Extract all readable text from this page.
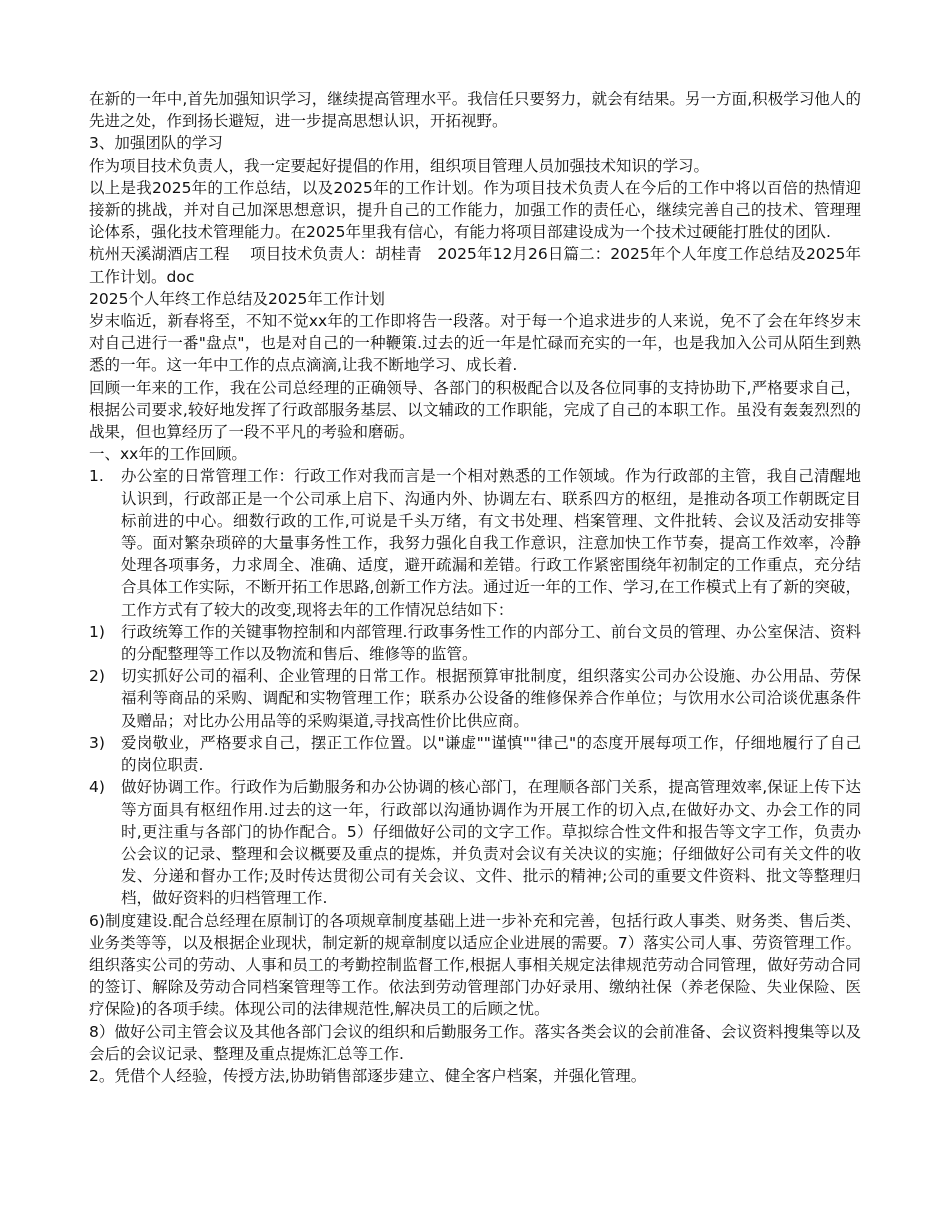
在新的一年中,首先加强知识学习，继续提高管理水平。我信任只要努力，就会有结果。另一方面,积极学习他人的先进之处，作到扬长避短，进一步提高思想认识，开拓视野。

3、加强团队的学习

作为项目技术负责人，我一定要起好提倡的作用，组织项目管理人员加强技术知识的学习。

以上是我2025年的工作总结，以及2025年的工作计划。作为项目技术负责人在今后的工作中将以百倍的热情迎接新的挑战，并对自己加深思想意识，提升自己的工作能力，加强工作的责任心，继续完善自己的技术、管理理论体系，强化技术管理能力。在2025年里我有信心，有能力将项目部建设成为一个技术过硬能打胜仗的团队.

杭州天溪湖酒店工程　 项目技术负责人：胡桂青　2025年12月26日篇二：2025年个人年度工作总结及2025年工作计划。doc

2025个人年终工作总结及2025年工作计划

岁末临近，新春将至，不知不觉xx年的工作即将告一段落。对于每一个追求进步的人来说，免不了会在年终岁末对自己进行一番"盘点"，也是对自己的一种鞭策.过去的近一年是忙碌而充实的一年，也是我加入公司从陌生到熟悉的一年。这一年中工作的点点滴滴,让我不断地学习、成长着.

回顾一年来的工作，我在公司总经理的正确领导、各部门的积极配合以及各位同事的支持协助下,严格要求自己，根据公司要求,较好地发挥了行政部服务基层、以文辅政的工作职能，完成了自己的本职工作。虽没有轰轰烈烈的战果，但也算经历了一段不平凡的考验和磨砺。

一、xx年的工作回顾。

1.	办公室的日常管理工作：行政工作对我而言是一个相对熟悉的工作领域。作为行政部的主管，我自己清醒地认识到，行政部正是一个公司承上启下、沟通内外、协调左右、联系四方的枢纽，是推动各项工作朝既定目标前进的中心。细数行政的工作,可说是千头万绪，有文书处理、档案管理、文件批转、会议及活动安排等等。面对繁杂琐碎的大量事务性工作，我努力强化自我工作意识，注意加快工作节奏，提高工作效率，冷静处理各项事务，力求周全、准确、适度，避开疏漏和差错。行政工作紧密围绕年初制定的工作重点，充分结合具体工作实际，不断开拓工作思路,创新工作方法。通过近一年的工作、学习,在工作模式上有了新的突破，工作方式有了较大的改变,现将去年的工作情况总结如下：
1)	行政统筹工作的关键事物控制和内部管理.行政事务性工作的内部分工、前台文员的管理、办公室保洁、资料的分配整理等工作以及物流和售后、维修等的监管。
2)	切实抓好公司的福利、企业管理的日常工作。根据预算审批制度，组织落实公司办公设施、办公用品、劳保福利等商品的采购、调配和实物管理工作；联系办公设备的维修保养合作单位；与饮用水公司洽谈优惠条件及赠品；对比办公用品等的采购渠道,寻找高性价比供应商。
3)	爱岗敬业，严格要求自己，摆正工作位置。以"谦虚""谨慎""律己"的态度开展每项工作，仔细地履行了自己的岗位职责.
4)	做好协调工作。行政作为后勤服务和办公协调的核心部门，在理顺各部门关系，提高管理效率,保证上传下达等方面具有枢纽作用.过去的这一年，行政部以沟通协调作为开展工作的切入点,在做好办文、办会工作的同时,更注重与各部门的协作配合。5）仔细做好公司的文字工作。草拟综合性文件和报告等文字工作，负责办公会议的记录、整理和会议概要及重点的提炼，并负责对会议有关决议的实施；仔细做好公司有关文件的收发、分递和督办工作;及时传达贯彻公司有关会议、文件、批示的精神;公司的重要文件资料、批文等整理归档，做好资料的归档管理工作.

6)制度建设.配合总经理在原制订的各项规章制度基础上进一步补充和完善，包括行政人事类、财务类、售后类、业务类等等，以及根据企业现状，制定新的规章制度以适应企业进展的需要。7）落实公司人事、劳资管理工作。组织落实公司的劳动、人事和员工的考勤控制监督工作,根据人事相关规定法律规范劳动合同管理，做好劳动合同的签订、解除及劳动合同档案管理等工作。依法到劳动管理部门办好录用、缴纳社保（养老保险、失业保险、医疗保险)的各项手续。体现公司的法律规范性,解决员工的后顾之忧。

8）做好公司主管会议及其他各部门会议的组织和后勤服务工作。落实各类会议的会前准备、会议资料搜集等以及会后的会议记录、整理及重点提炼汇总等工作.

2。凭借个人经验，传授方法,协助销售部逐步建立、健全客户档案，并强化管理。
